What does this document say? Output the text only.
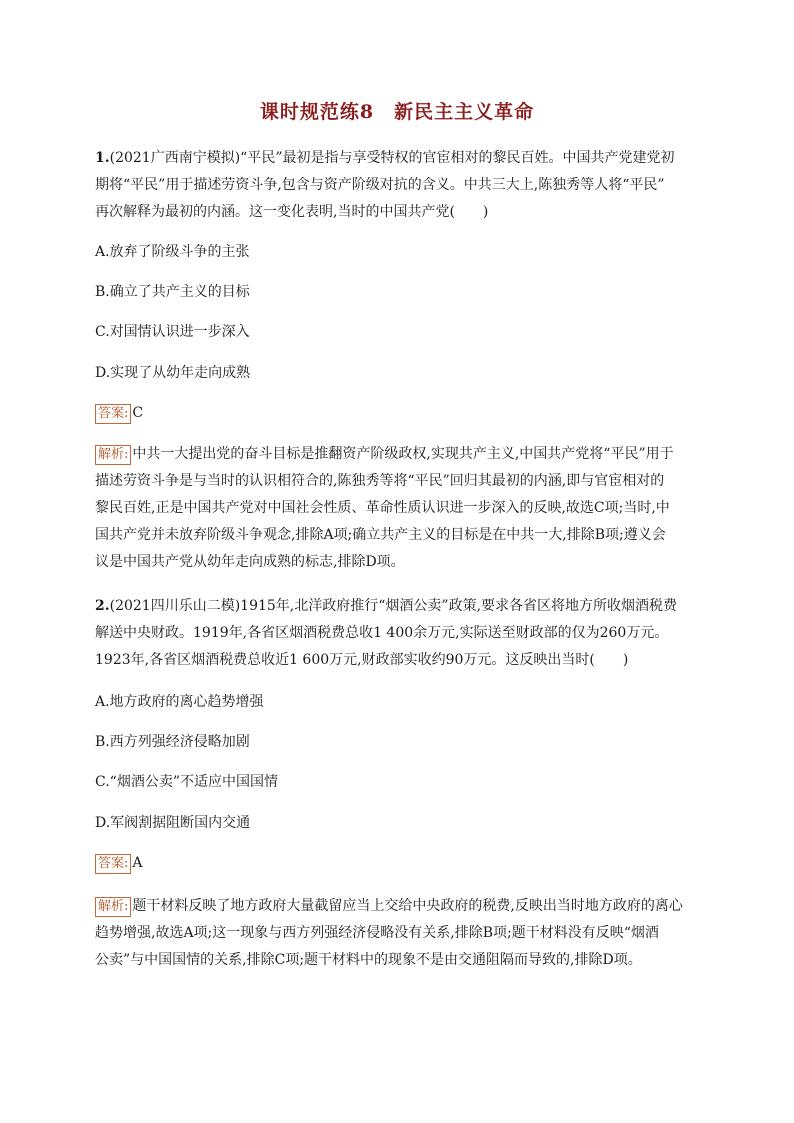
课时规范练8　新民主主义革命
1.(2021广西南宁模拟)“平民”最初是指与享受特权的官宦相对的黎民百姓。中国共产党建党初
期将“平民”用于描述劳资斗争,包含与资产阶级对抗的含义。中共三大上,陈独秀等人将“平民”
再次解释为最初的内涵。这一变化表明,当时的中国共产党(　　)
A.放弃了阶级斗争的主张
B.确立了共产主义的目标
C.对国情认识进一步深入
D.实现了从幼年走向成熟
答案: C
解析: 中共一大提出党的奋斗目标是推翻资产阶级政权,实现共产主义,中国共产党将“平民”用于
描述劳资斗争是与当时的认识相符合的,陈独秀等将“平民”回归其最初的内涵,即与官宦相对的
黎民百姓,正是中国共产党对中国社会性质、革命性质认识进一步深入的反映,故选C项;当时,中
国共产党并未放弃阶级斗争观念,排除A项;确立共产主义的目标是在中共一大,排除B项;遵义会
议是中国共产党从幼年走向成熟的标志,排除D项。
2.(2021四川乐山二模)1915年,北洋政府推行“烟酒公卖”政策,要求各省区将地方所收烟酒税费
解送中央财政。1919年,各省区烟酒税费总收1 400余万元,实际送至财政部的仅为260万元。
1923年,各省区烟酒税费总收近1 600万元,财政部实收约90万元。这反映出当时(　　)
A.地方政府的离心趋势增强
B.西方列强经济侵略加剧
C.“烟酒公卖”不适应中国国情
D.军阀割据阻断国内交通
答案: A
解析: 题干材料反映了地方政府大量截留应当上交给中央政府的税费,反映出当时地方政府的离心
趋势增强,故选A项;这一现象与西方列强经济侵略没有关系,排除B项;题干材料没有反映“烟酒
公卖”与中国国情的关系,排除C项;题干材料中的现象不是由交通阻隔而导致的,排除D项。
